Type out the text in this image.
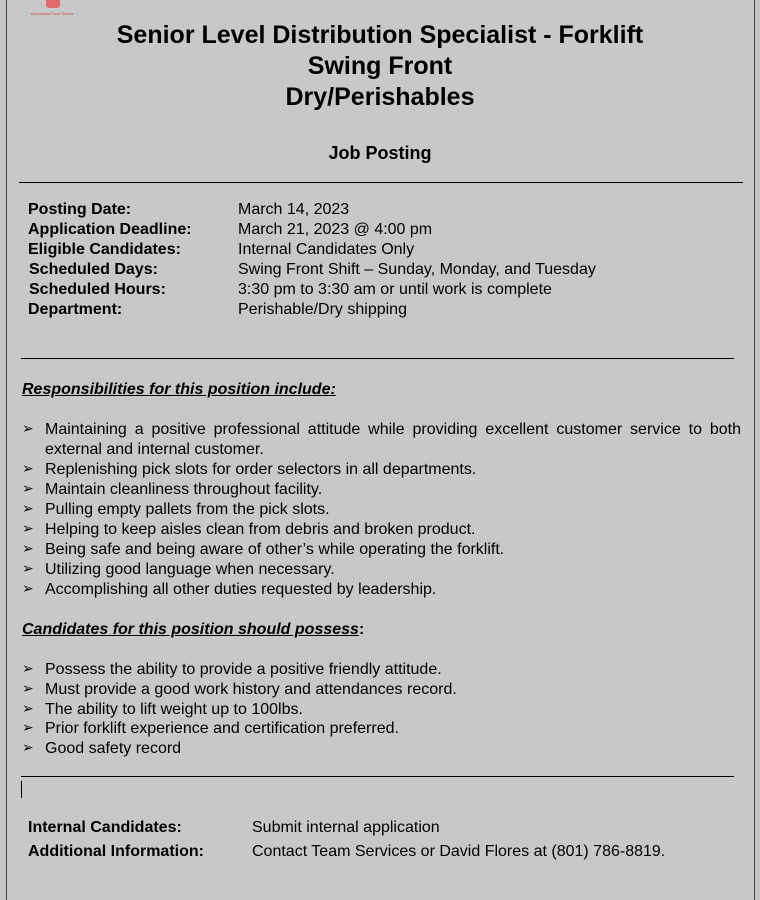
Associated Food Stores
Senior Level Distribution Specialist - Forklift
Swing Front
Dry/Perishables
Job Posting
Posting Date:	March 14, 2023
Application Deadline:	March 21, 2023 @ 4:00 pm
Eligible Candidates:	Internal Candidates Only
Scheduled Days:	Swing Front Shift – Sunday, Monday, and Tuesday
Scheduled Hours:	3:30 pm to 3:30 am or until work is complete
Department:	Perishable/Dry shipping
Responsibilities for this position include:
➢ Maintaining a positive professional attitude while providing excellent customer service to both external and internal customer.
➢ Replenishing pick slots for order selectors in all departments.
➢ Maintain cleanliness throughout facility.
➢ Pulling empty pallets from the pick slots.
➢ Helping to keep aisles clean from debris and broken product.
➢ Being safe and being aware of other’s while operating the forklift.
➢ Utilizing good language when necessary.
➢ Accomplishing all other duties requested by leadership.
Candidates for this position should possess:
➢ Possess the ability to provide a positive friendly attitude.
➢ Must provide a good work history and attendances record.
➢ The ability to lift weight up to 100lbs.
➢ Prior forklift experience and certification preferred.
➢ Good safety record
Internal Candidates:	Submit internal application
Additional Information:	Contact Team Services or David Flores at (801) 786-8819.
